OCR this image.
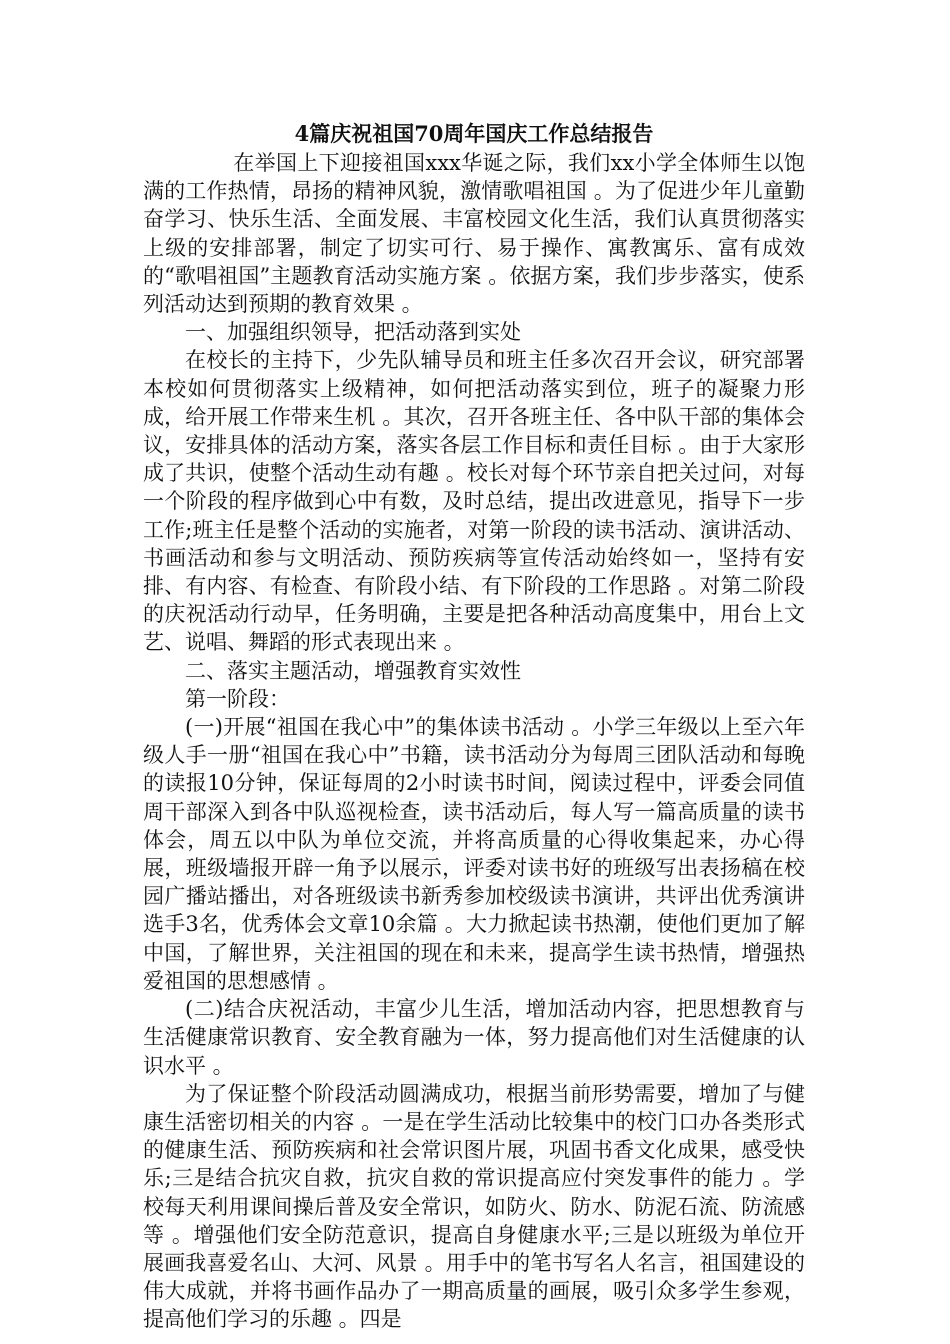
4篇庆祝祖国70周年国庆工作总结报告

在举国上下迎接祖国xxx华诞之际，我们xx小学全体师生以饱满的工作热情，昂扬的精神风貌，激情歌唱祖国 。为了促进少年儿童勤奋学习、快乐生活、全面发展、丰富校园文化生活，我们认真贯彻落实上级的安排部署，制定了切实可行、易于操作、寓教寓乐、富有成效的“歌唱祖国”主题教育活动实施方案 。依据方案，我们步步落实，使系列活动达到预期的教育效果 。

一、加强组织领导，把活动落到实处

在校长的主持下，少先队辅导员和班主任多次召开会议，研究部署本校如何贯彻落实上级精神，如何把活动落实到位，班子的凝聚力形成，给开展工作带来生机 。其次，召开各班主任、各中队干部的集体会议，安排具体的活动方案，落实各层工作目标和责任目标 。由于大家形成了共识，使整个活动生动有趣 。校长对每个环节亲自把关过问，对每一个阶段的程序做到心中有数，及时总结，提出改进意见，指导下一步工作;班主任是整个活动的实施者，对第一阶段的读书活动、演讲活动、书画活动和参与文明活动、预防疾病等宣传活动始终如一，坚持有安排、有内容、有检查、有阶段小结、有下阶段的工作思路 。对第二阶段的庆祝活动行动早，任务明确，主要是把各种活动高度集中，用台上文艺、说唱、舞蹈的形式表现出来 。

二、落实主题活动，增强教育实效性

第一阶段：

(一)开展“祖国在我心中”的集体读书活动 。小学三年级以上至六年级人手一册“祖国在我心中”书籍，读书活动分为每周三团队活动和每晚的读报10分钟，保证每周的2小时读书时间，阅读过程中，评委会同值周干部深入到各中队巡视检查，读书活动后，每人写一篇高质量的读书体会，周五以中队为单位交流，并将高质量的心得收集起来，办心得展，班级墙报开辟一角予以展示，评委对读书好的班级写出表扬稿在校园广播站播出，对各班级读书新秀参加校级读书演讲，共评出优秀演讲选手3名，优秀体会文章10余篇 。大力掀起读书热潮，使他们更加了解中国，了解世界，关注祖国的现在和未来，提高学生读书热情，增强热爱祖国的思想感情 。

(二)结合庆祝活动，丰富少儿生活，增加活动内容，把思想教育与生活健康常识教育、安全教育融为一体，努力提高他们对生活健康的认识水平 。

为了保证整个阶段活动圆满成功，根据当前形势需要，增加了与健康生活密切相关的内容 。一是在学生活动比较集中的校门口办各类形式的健康生活、预防疾病和社会常识图片展，巩固书香文化成果，感受快乐;三是结合抗灾自救，抗灾自救的常识提高应付突发事件的能力 。学校每天利用课间操后普及安全常识，如防火、防水、防泥石流、防流感等 。增强他们安全防范意识，提高自身健康水平;三是以班级为单位开展画我喜爱名山、大河、风景 。用手中的笔书写名人名言，祖国建设的伟大成就，并将书画作品办了一期高质量的画展，吸引众多学生参观，提高他们学习的乐趣 。四是
